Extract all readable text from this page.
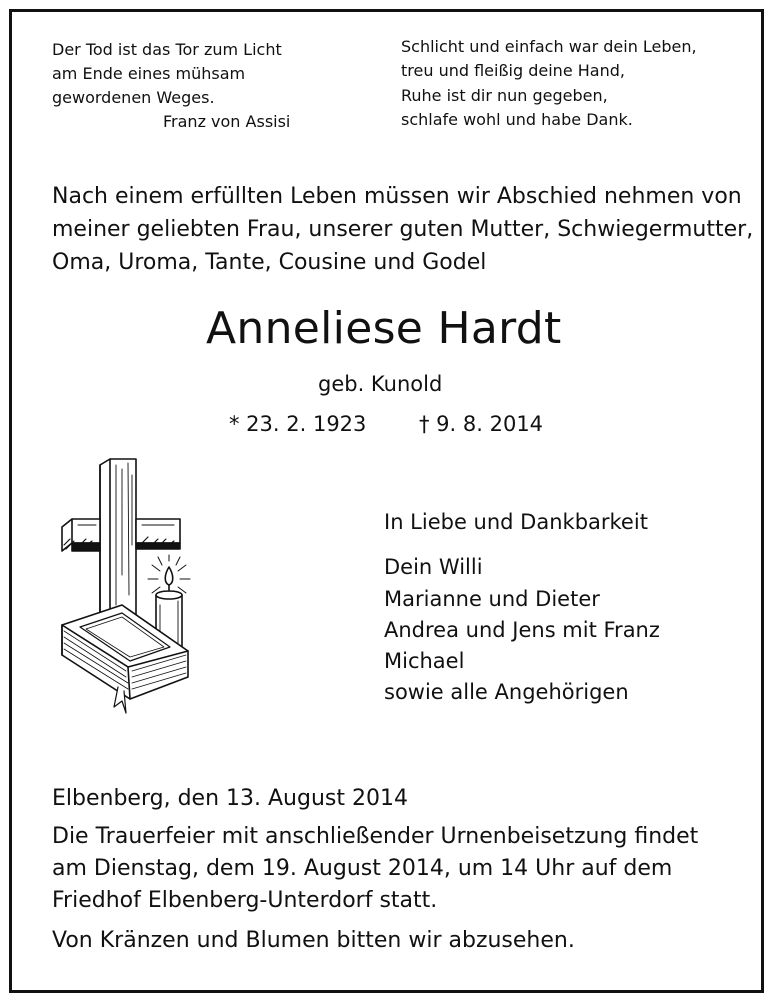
Der Tod ist das Tor zum Licht
am Ende eines mühsam
gewordenen Weges.
Franz von Assisi
Schlicht und einfach war dein Leben,
treu und fleißig deine Hand,
Ruhe ist dir nun gegeben,
schlafe wohl und habe Dank.
Nach einem erfüllten Leben müssen wir Abschied nehmen von
meiner geliebten Frau, unserer guten Mutter, Schwiegermutter,
Oma, Uroma, Tante, Cousine und Godel
Anneliese Hardt
geb. Kunold
* 23. 2. 1923	† 9. 8. 2014
In Liebe und Dankbarkeit
Dein Willi
Marianne und Dieter
Andrea und Jens mit Franz
Michael
sowie alle Angehörigen
Elbenberg, den 13. August 2014
Die Trauerfeier mit anschließender Urnenbeisetzung findet
am Dienstag, dem 19. August 2014, um 14 Uhr auf dem
Friedhof Elbenberg-Unterdorf statt.
Von Kränzen und Blumen bitten wir abzusehen.
